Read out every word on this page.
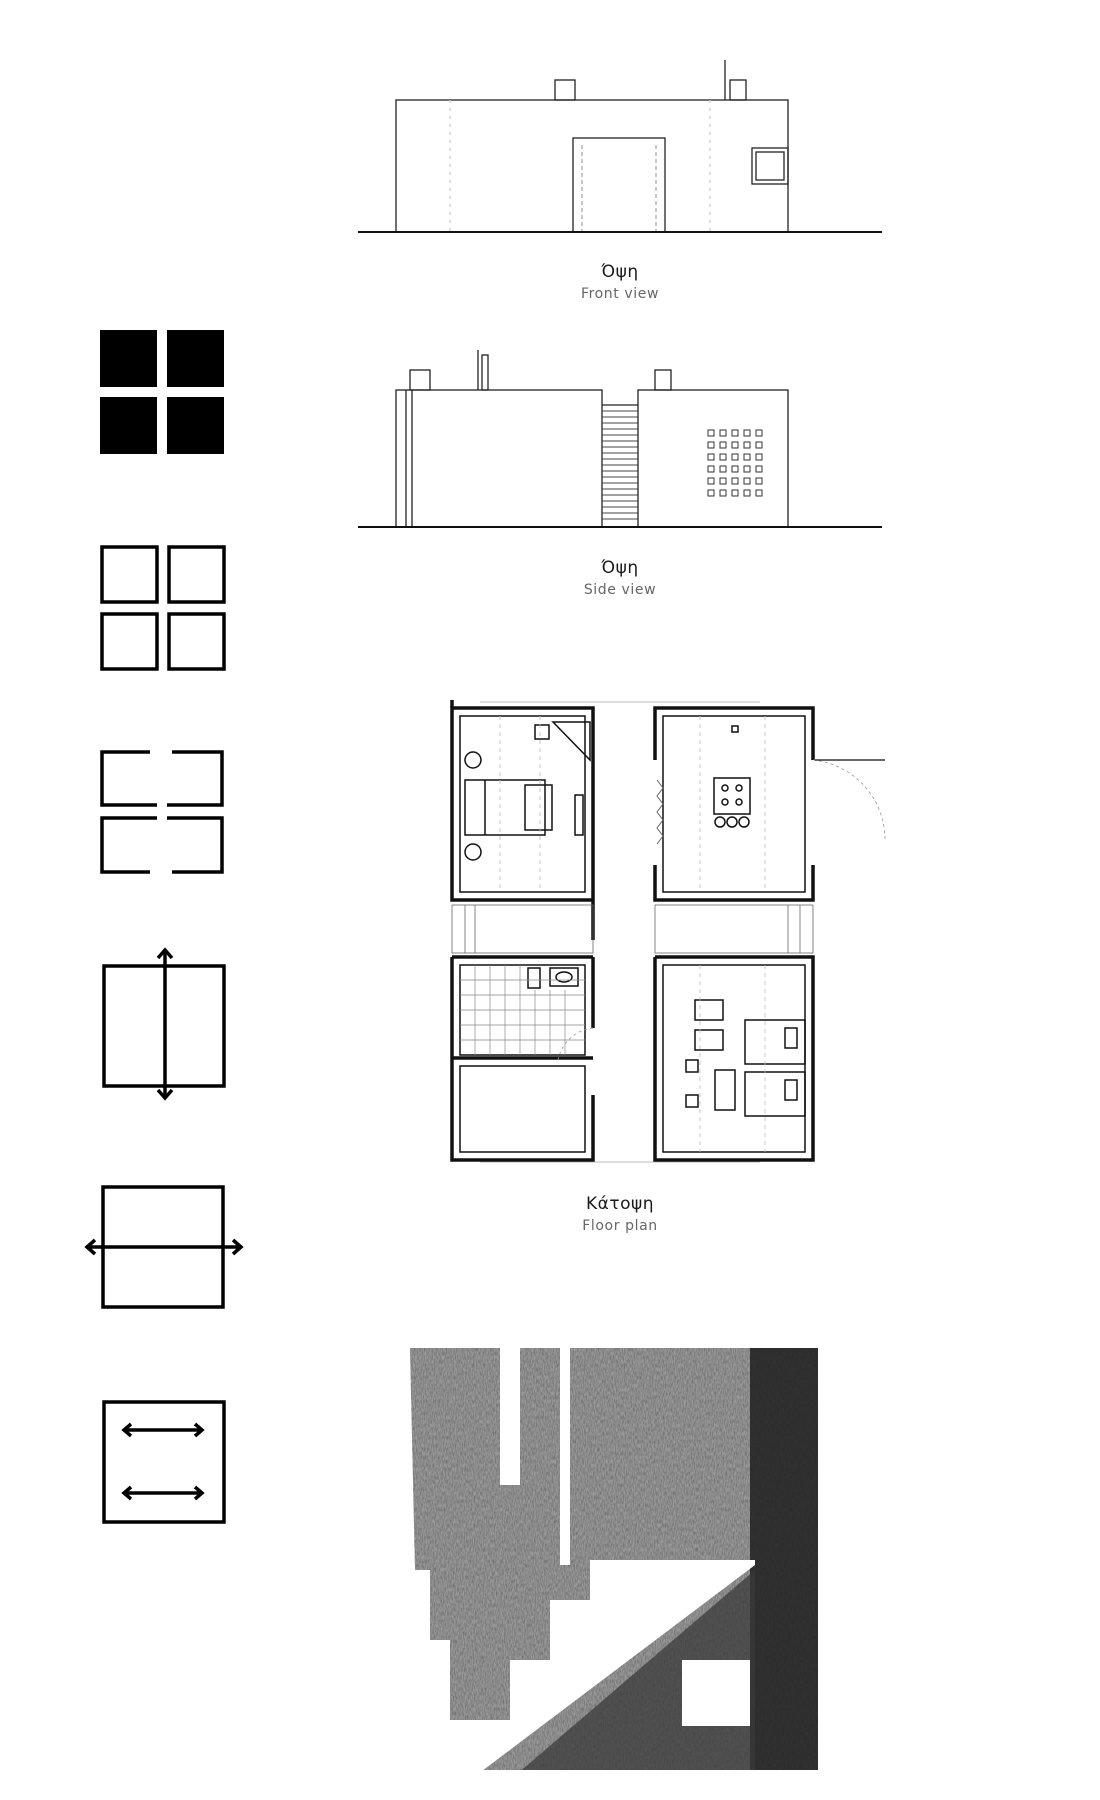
Όψη
Front view
Όψη
Side view
Κάτοψη
Floor plan
